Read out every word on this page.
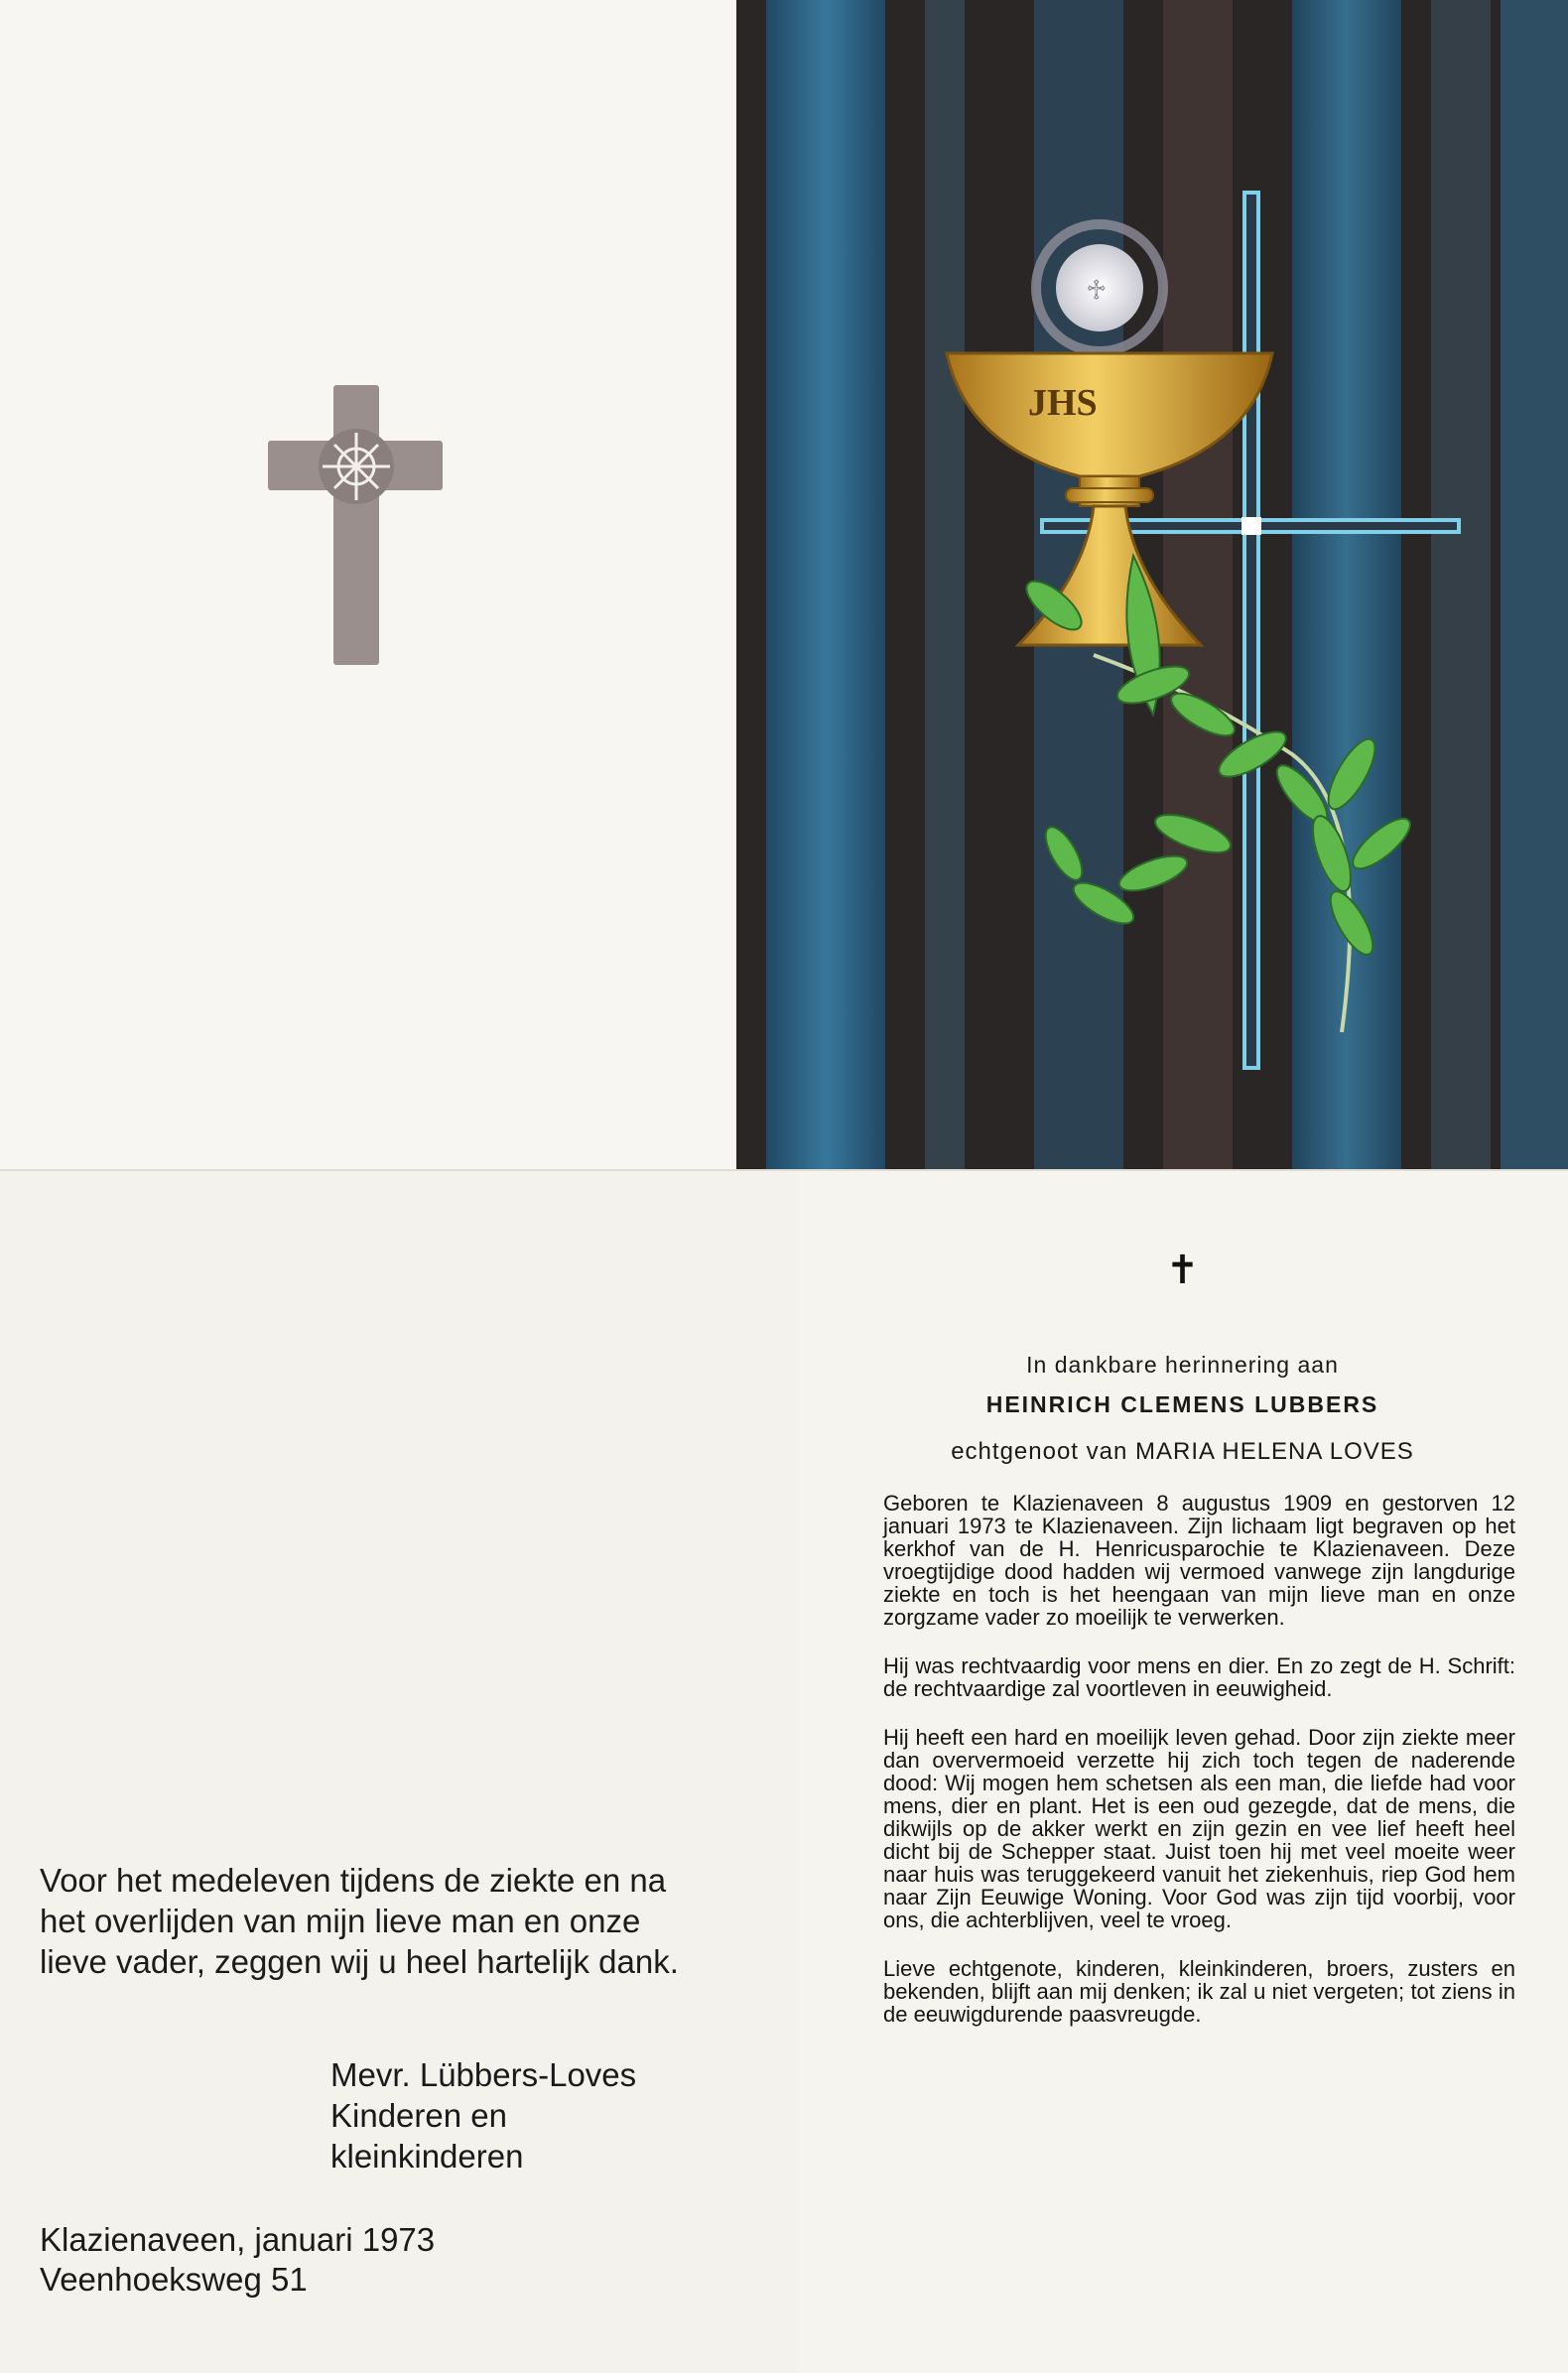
♱
JHS

Voor het medeleven tijdens de ziekte en na het overlijden van mijn lieve man en onze lieve vader, zeggen wij u heel hartelijk dank.

Mevr. Lübbers-Loves
Kinderen en
kleinkinderen
Klazienaveen, januari 1973
Veenhoeksweg 51
✝
In dankbare herinnering aan
HEINRICH CLEMENS LUBBERS
echtgenoot van MARIA HELENA LOVES

Geboren te Klazienaveen 8 augustus 1909 en gestorven 12 januari 1973 te Klazienaveen. Zijn lichaam ligt begraven op het kerkhof van de H. Henricusparochie te Klazienaveen. Deze vroegtijdige dood hadden wij vermoed vanwege zijn langdurige ziekte en toch is het heengaan van mijn lieve man en onze zorgzame vader zo moeilijk te verwerken.

Hij was rechtvaardig voor mens en dier. En zo zegt de H. Schrift: de rechtvaardige zal voortleven in eeuwigheid.

Hij heeft een hard en moeilijk leven gehad. Door zijn ziekte meer dan oververmoeid verzette hij zich toch tegen de naderende dood: Wij mogen hem schetsen als een man, die liefde had voor mens, dier en plant. Het is een oud gezegde, dat de mens, die dikwijls op de akker werkt en zijn gezin en vee lief heeft heel dicht bij de Schepper staat. Juist toen hij met veel moeite weer naar huis was teruggekeerd vanuit het ziekenhuis, riep God hem naar Zijn Eeuwige Woning. Voor God was zijn tijd voorbij, voor ons, die achterblijven, veel te vroeg.

Lieve echtgenote, kinderen, kleinkinderen, broers, zusters en bekenden, blijft aan mij denken; ik zal u niet vergeten; tot ziens in de eeuwigdurende paasvreugde.
